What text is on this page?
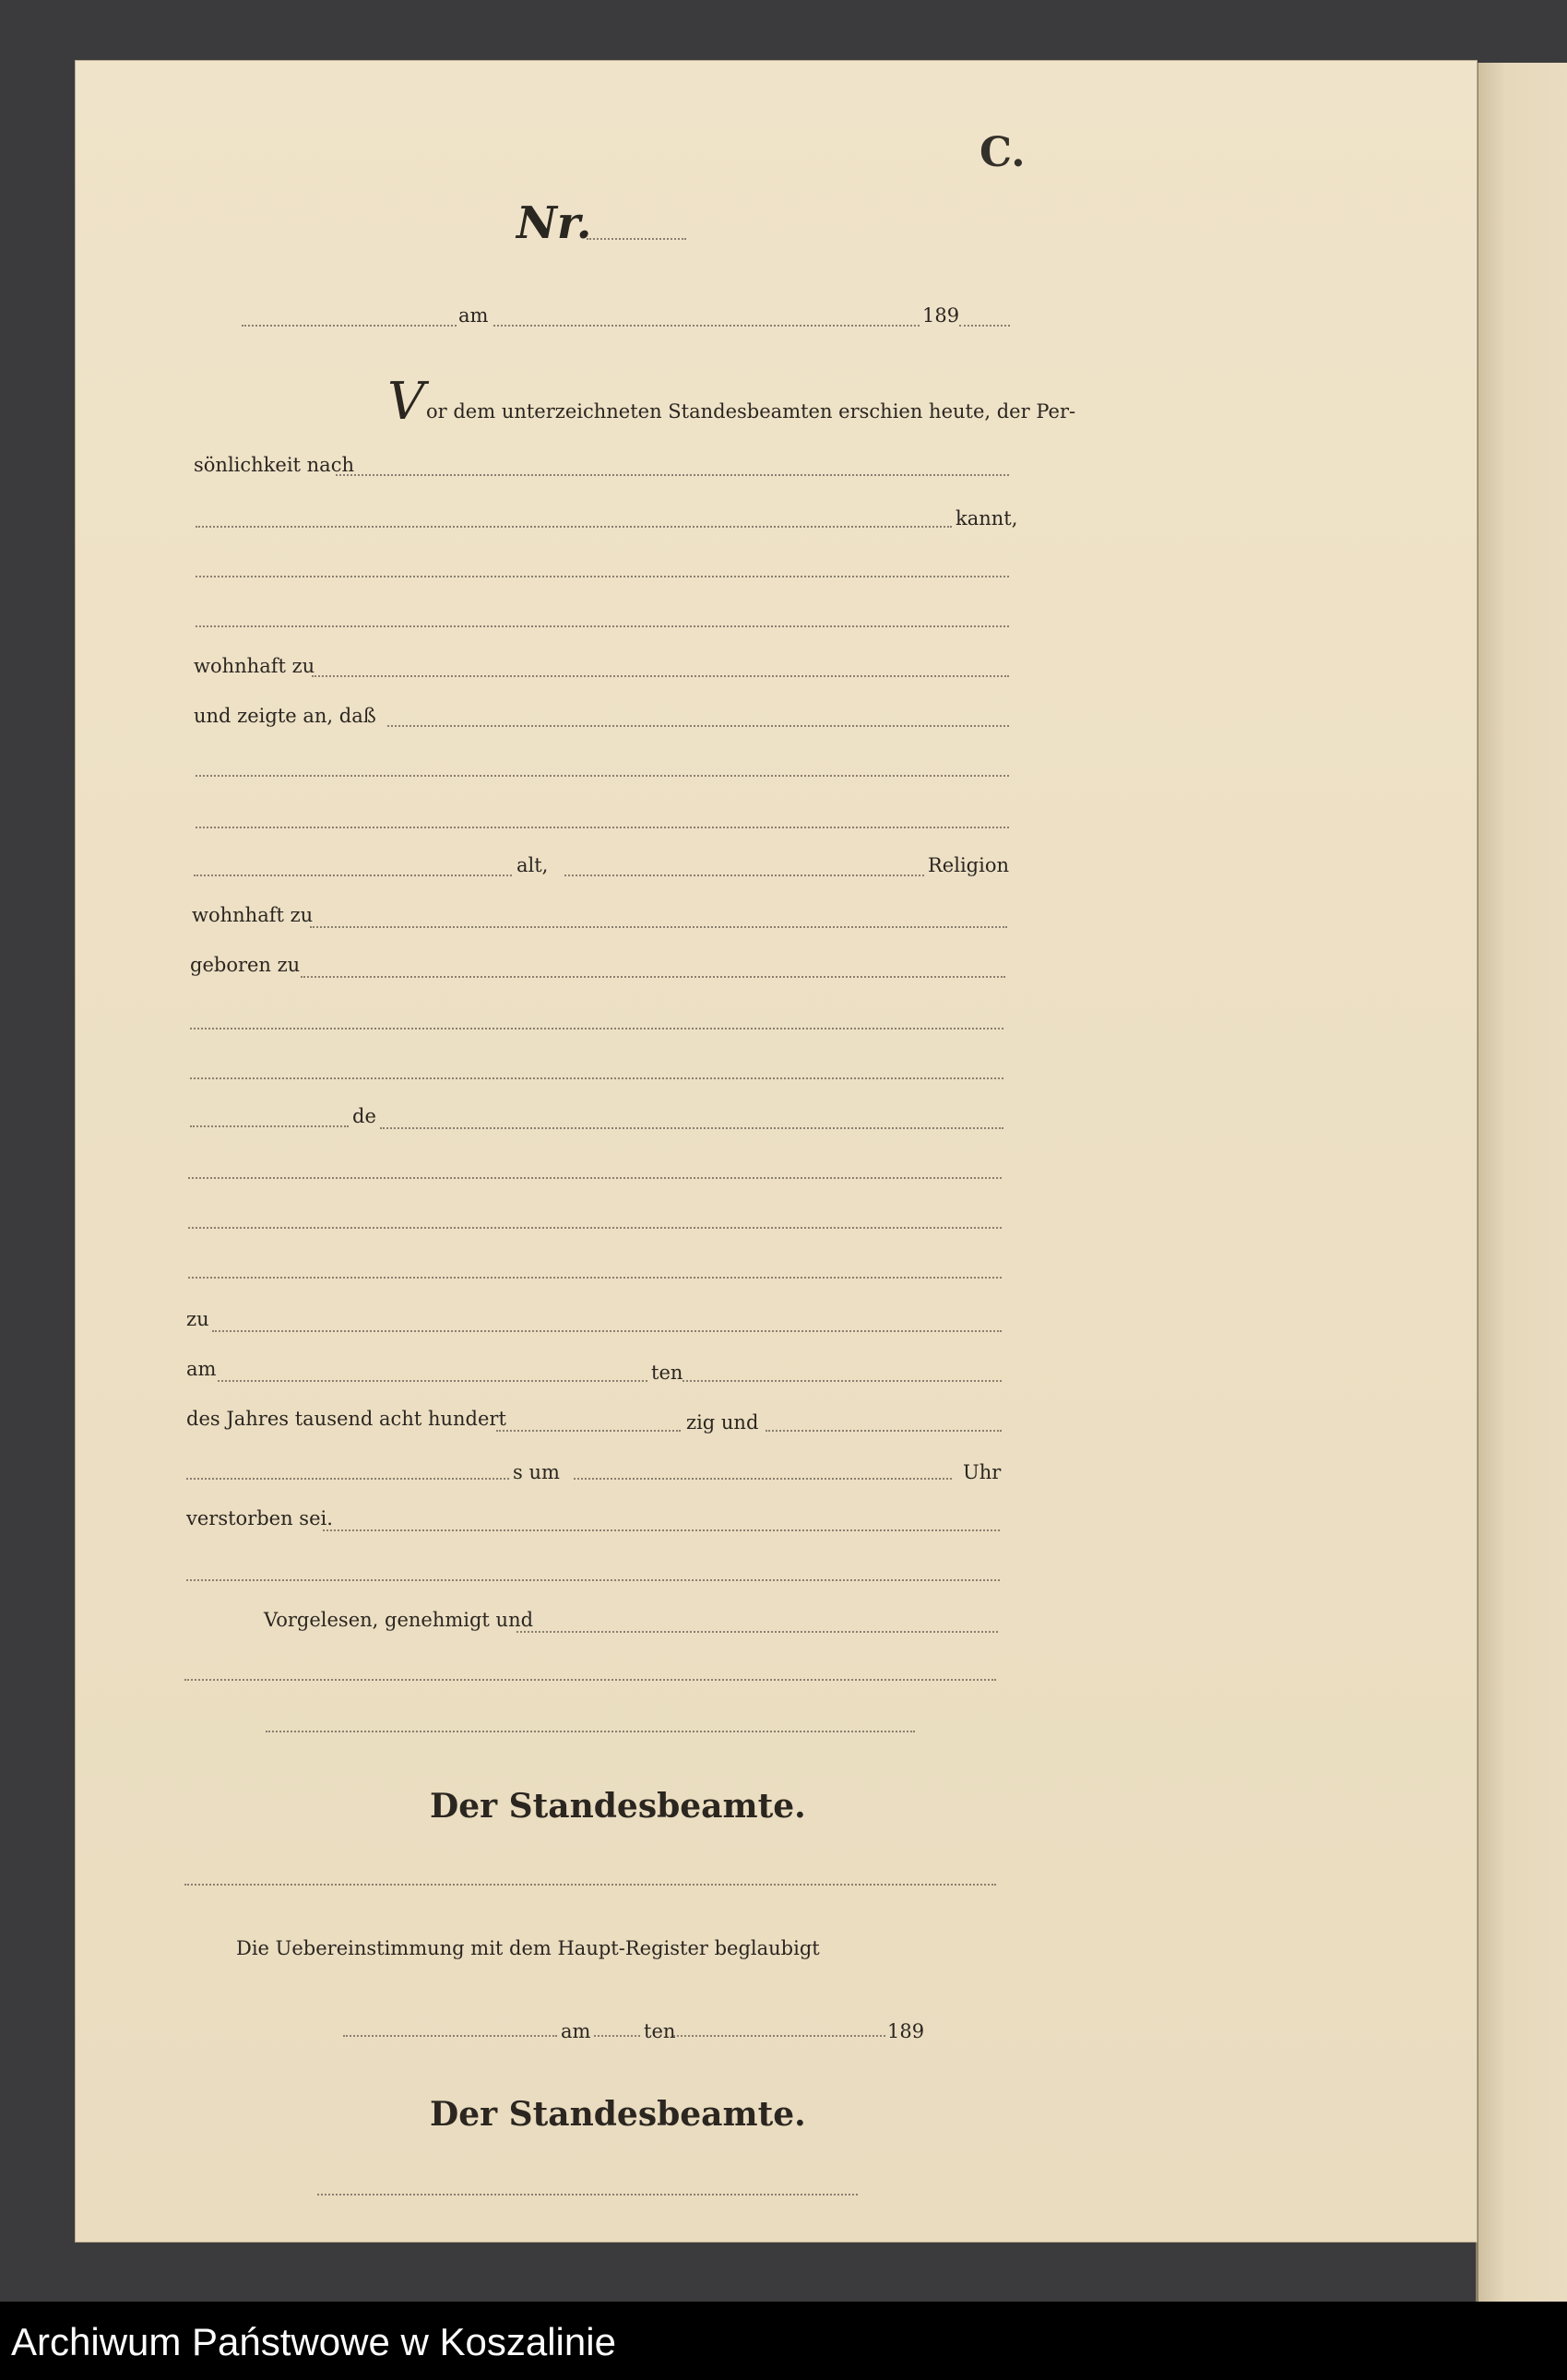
C.
Nr.
am	189
V or dem unterzeichneten Standesbeamten erschien heute, der Per-
sönlichkeit nach
kannt,
wohnhaft zu
und zeigte an, daß
alt,	Religion
wohnhaft zu
geboren zu
de
zu
am	ten
des Jahres tausend acht hundert	zig und
s um	Uhr
verstorben sei.
Vorgelesen, genehmigt und
Der Standesbeamte.
Die Uebereinstimmung mit dem Haupt-Register beglaubigt
am	ten	189
Der Standesbeamte.
Archiwum Państwowe w Koszalinie
